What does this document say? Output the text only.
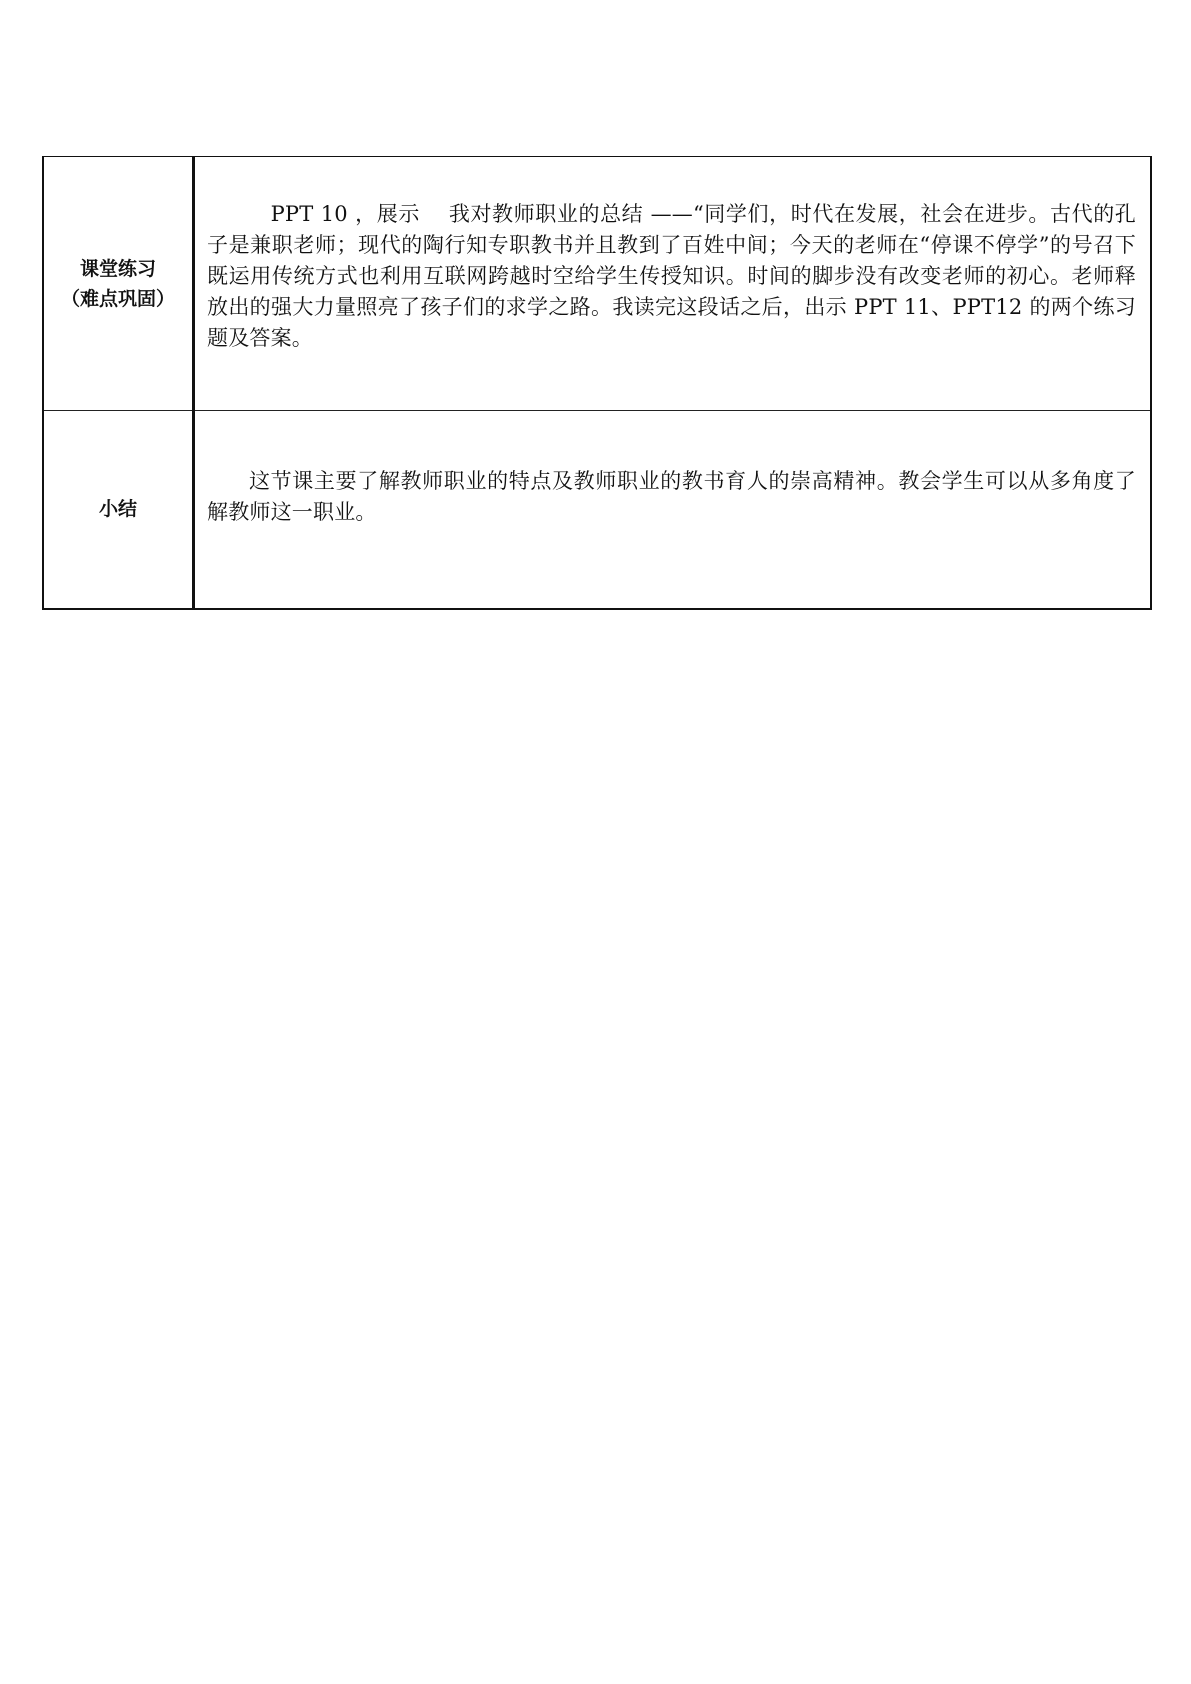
课堂练习
（难点巩固）	　PPT 10 ，展示　 我对教师职业的总结 ——“同学们，时代在发展，社会在进步。古代的孔子是兼职老师；现代的陶行知专职教书并且教到了百姓中间；今天的老师在“停课不停学”的号召下既运用传统方式也利用互联网跨越时空给学生传授知识。时间的脚步没有改变老师的初心。老师释放出的强大力量照亮了孩子们的求学之路。我读完这段话之后，出示 PPT 11、PPT12 的两个练习题及答案。

小结	这节课主要了解教师职业的特点及教师职业的教书育人的崇高精神。教会学生可以从多角度了解教师这一职业。
